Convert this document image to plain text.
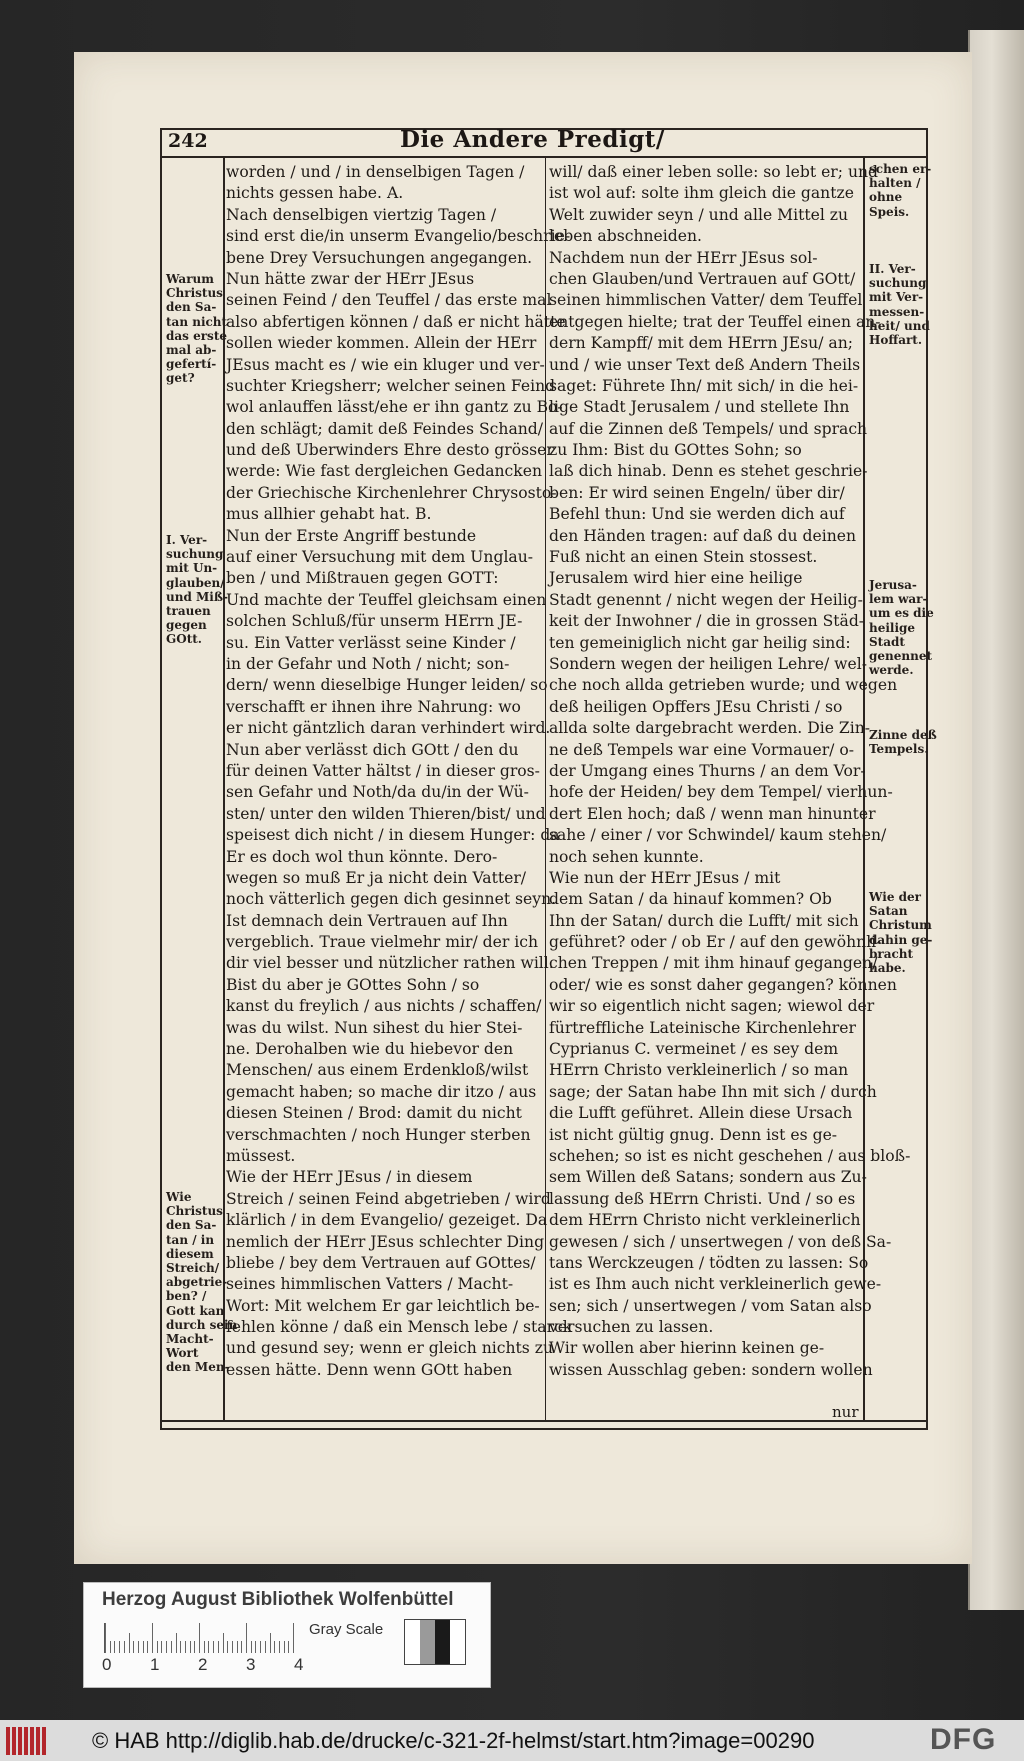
242	Die Andere Predigt/
worden / und / in denselbigen Tagen /
nichts gessen habe. A.
Nach denselbigen viertzig Tagen /
sind erst die/in unserm Evangelio/beschrie-
bene Drey Versuchungen angegangen.
Nun hätte zwar der HErr JEsus
seinen Feind / den Teuffel / das erste mal
also abfertigen können / daß er nicht hätte
sollen wieder kommen. Allein der HErr
JEsus macht es / wie ein kluger und ver-
suchter Kriegsherr; welcher seinen Feind
wol anlauffen lässt/ehe er ihn gantz zu Bo-
den schlägt; damit deß Feindes Schand/
und deß Uberwinders Ehre desto grösser
werde: Wie fast dergleichen Gedancken
der Griechische Kirchenlehrer Chrysosto-
mus allhier gehabt hat. B.
Nun der Erste Angriff bestunde
auf einer Versuchung mit dem Unglau-
ben / und Mißtrauen gegen GOTT:
Und machte der Teuffel gleichsam einen
solchen Schluß/für unserm HErrn JE-
su. Ein Vatter verlässt seine Kinder /
in der Gefahr und Noth / nicht; son-
dern/ wenn dieselbige Hunger leiden/ so
verschafft er ihnen ihre Nahrung: wo
er nicht gäntzlich daran verhindert wird.
Nun aber verlässt dich GOtt / den du
für deinen Vatter hältst / in dieser gros-
sen Gefahr und Noth/da du/in der Wü-
sten/ unter den wilden Thieren/bist/ und
speisest dich nicht / in diesem Hunger: da
Er es doch wol thun könnte. Dero-
wegen so muß Er ja nicht dein Vatter/
noch vätterlich gegen dich gesinnet seyn.
Ist demnach dein Vertrauen auf Ihn
vergeblich. Traue vielmehr mir/ der ich
dir viel besser und nützlicher rathen will.
Bist du aber je GOttes Sohn / so
kanst du freylich / aus nichts / schaffen/
was du wilst. Nun sihest du hier Stei-
ne. Derohalben wie du hiebevor den
Menschen/ aus einem Erdenkloß/wilst
gemacht haben; so mache dir itzo / aus
diesen Steinen / Brod: damit du nicht
verschmachten / noch Hunger sterben
müssest.
Wie der HErr JEsus / in diesem
Streich / seinen Feind abgetrieben / wird
klärlich / in dem Evangelio/ gezeiget. Da
nemlich der HErr JEsus schlechter Ding
bliebe / bey dem Vertrauen auf GOttes/
seines himmlischen Vatters / Macht-
Wort: Mit welchem Er gar leichtlich be-
fehlen könne / daß ein Mensch lebe / starck
und gesund sey; wenn er gleich nichts zu
essen hätte. Denn wenn GOtt haben
will/ daß einer leben solle: so lebt er; und
ist wol auf: solte ihm gleich die gantze
Welt zuwider seyn / und alle Mittel zu
leben abschneiden.
Nachdem nun der HErr JEsus sol-
chen Glauben/und Vertrauen auf GOtt/
seinen himmlischen Vatter/ dem Teuffel
entgegen hielte; trat der Teuffel einen an-
dern Kampff/ mit dem HErrn JEsu/ an;
und / wie unser Text deß Andern Theils
saget: Führete Ihn/ mit sich/ in die hei-
lige Stadt Jerusalem / und stellete Ihn
auf die Zinnen deß Tempels/ und sprach
zu Ihm: Bist du GOttes Sohn; so
laß dich hinab. Denn es stehet geschrie-
ben: Er wird seinen Engeln/ über dir/
Befehl thun: Und sie werden dich auf
den Händen tragen: auf daß du deinen
Fuß nicht an einen Stein stossest.
Jerusalem wird hier eine heilige
Stadt genennt / nicht wegen der Heilig-
keit der Inwohner / die in grossen Städ-
ten gemeiniglich nicht gar heilig sind:
Sondern wegen der heiligen Lehre/ wel-
che noch allda getrieben wurde; und wegen
deß heiligen Opffers JEsu Christi / so
allda solte dargebracht werden. Die Zin-
ne deß Tempels war eine Vormauer/ o-
der Umgang eines Thurns / an dem Vor-
hofe der Heiden/ bey dem Tempel/ vierhun-
dert Elen hoch; daß / wenn man hinunter
sahe / einer / vor Schwindel/ kaum stehen/
noch sehen kunnte.
Wie nun der HErr JEsus / mit
dem Satan / da hinauf kommen? Ob
Ihn der Satan/ durch die Lufft/ mit sich
geführet? oder / ob Er / auf den gewöhnli-
chen Treppen / mit ihm hinauf gegangen/
oder/ wie es sonst daher gegangen? können
wir so eigentlich nicht sagen; wiewol der
fürtreffliche Lateinische Kirchenlehrer
Cyprianus C. vermeinet / es sey dem
HErrn Christo verkleinerlich / so man
sage; der Satan habe Ihn mit sich / durch
die Lufft geführet. Allein diese Ursach
ist nicht gültig gnug. Denn ist es ge-
schehen; so ist es nicht geschehen / aus bloß-
sem Willen deß Satans; sondern aus Zu-
lassung deß HErrn Christi. Und / so es
dem HErrn Christo nicht verkleinerlich
gewesen / sich / unsertwegen / von deß Sa-
tans Werckzeugen / tödten zu lassen: So
ist es Ihm auch nicht verkleinerlich gewe-
sen; sich / unsertwegen / vom Satan also
versuchen zu lassen.
Wir wollen aber hierinn keinen ge-
wissen Ausschlag geben: sondern wollen
Warum
Christus
den Sa-
tan nicht
das erste
mal ab-
gefertí-
get?
I. Ver-
suchung
mit Un-
glauben/
und Miß-
trauen
gegen
GOtt.
Wie
Christus
den Sa-
tan / in
diesem
Streich/
abgetrie-
ben? /
Gott kan
durch sein
Macht-
Wort
den Men-
schen er-
halten /
ohne
Speis.
II. Ver-
suchung
mit Ver-
messen-
heit/ und
Hoffart.
Jerusa-
lem war-
um es die
heilige
Stadt
genennet
werde.
Zinne deß
Tempels.
Wie der
Satan
Christum
dahin ge-
bracht
habe.
nur
Herzog August Bibliothek Wolfenbüttel
0 1 2 3 4
Gray Scale
© HAB http://diglib.hab.de/drucke/c-321-2f-helmst/start.htm?image=00290	DFG
